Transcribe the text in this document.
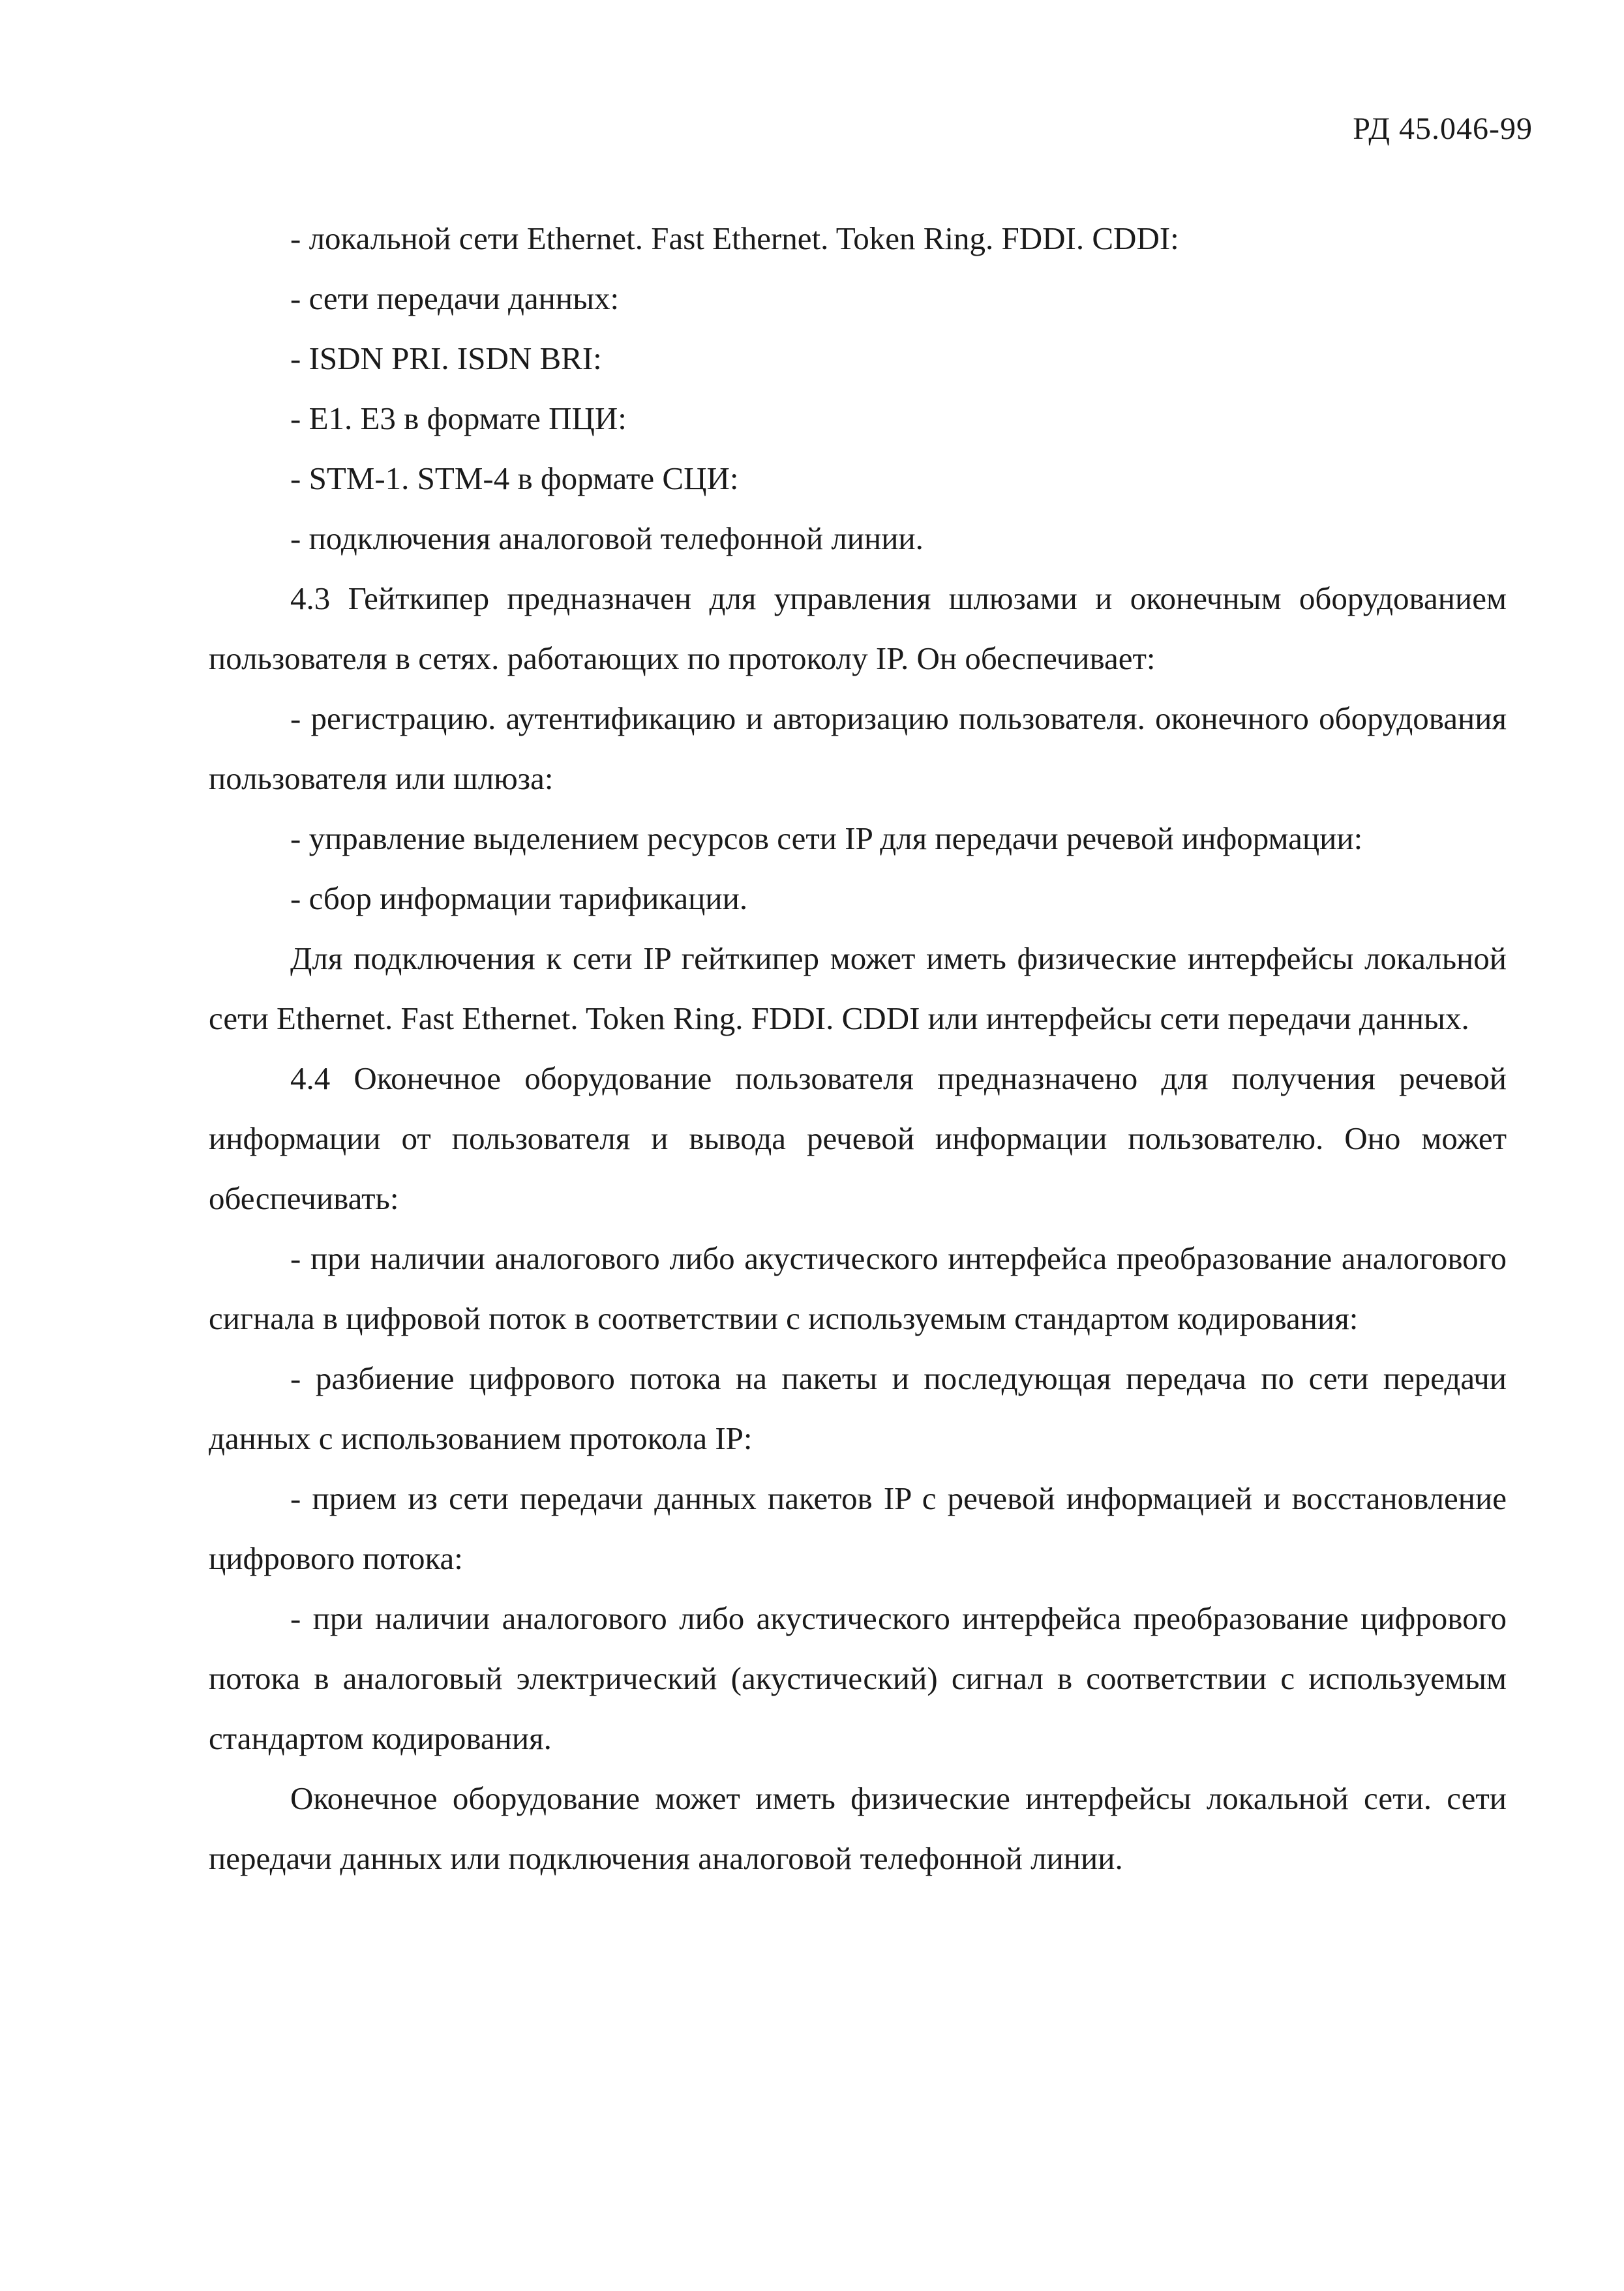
РД 45.046-99

- локальной сети Ethernet. Fast Ethernet. Token Ring. FDDI. CDDI:

- сети передачи данных:

- ISDN PRI. ISDN BRI:

- E1. E3 в формате ПЦИ:

- STM-1. STM-4 в формате СЦИ:

- подключения аналоговой телефонной линии.

4.3 Гейткипер предназначен для управления шлюзами и оконечным оборудованием пользователя в сетях. работающих по протоколу IP. Он обеспечивает:

- регистрацию. аутентификацию и авторизацию пользователя. оконечного оборудования пользователя или шлюза:

- управление выделением ресурсов сети IP для передачи речевой информации:

- сбор информации тарификации.

Для подключения к сети IP гейткипер может иметь физические интерфейсы локальной сети Ethernet. Fast Ethernet. Token Ring. FDDI. CDDI или интерфейсы сети передачи данных.

4.4 Оконечное оборудование пользователя предназначено для получения речевой информации от пользователя и вывода речевой информации пользователю. Оно может обеспечивать:

- при наличии аналогового либо акустического интерфейса преобразование аналогового сигнала в цифровой поток в соответствии с используемым стандартом кодирования:

- разбиение цифрового потока на пакеты и последующая передача по сети передачи данных с использованием протокола IP:

- прием из сети передачи данных пакетов IP с речевой информацией и восстановление цифрового потока:

- при наличии аналогового либо акустического интерфейса преобразование цифрового потока в аналоговый электрический (акустический) сигнал в соответствии с используемым стандартом кодирования.

Оконечное оборудование может иметь физические интерфейсы локальной сети. сети передачи данных или подключения аналоговой телефонной линии.
